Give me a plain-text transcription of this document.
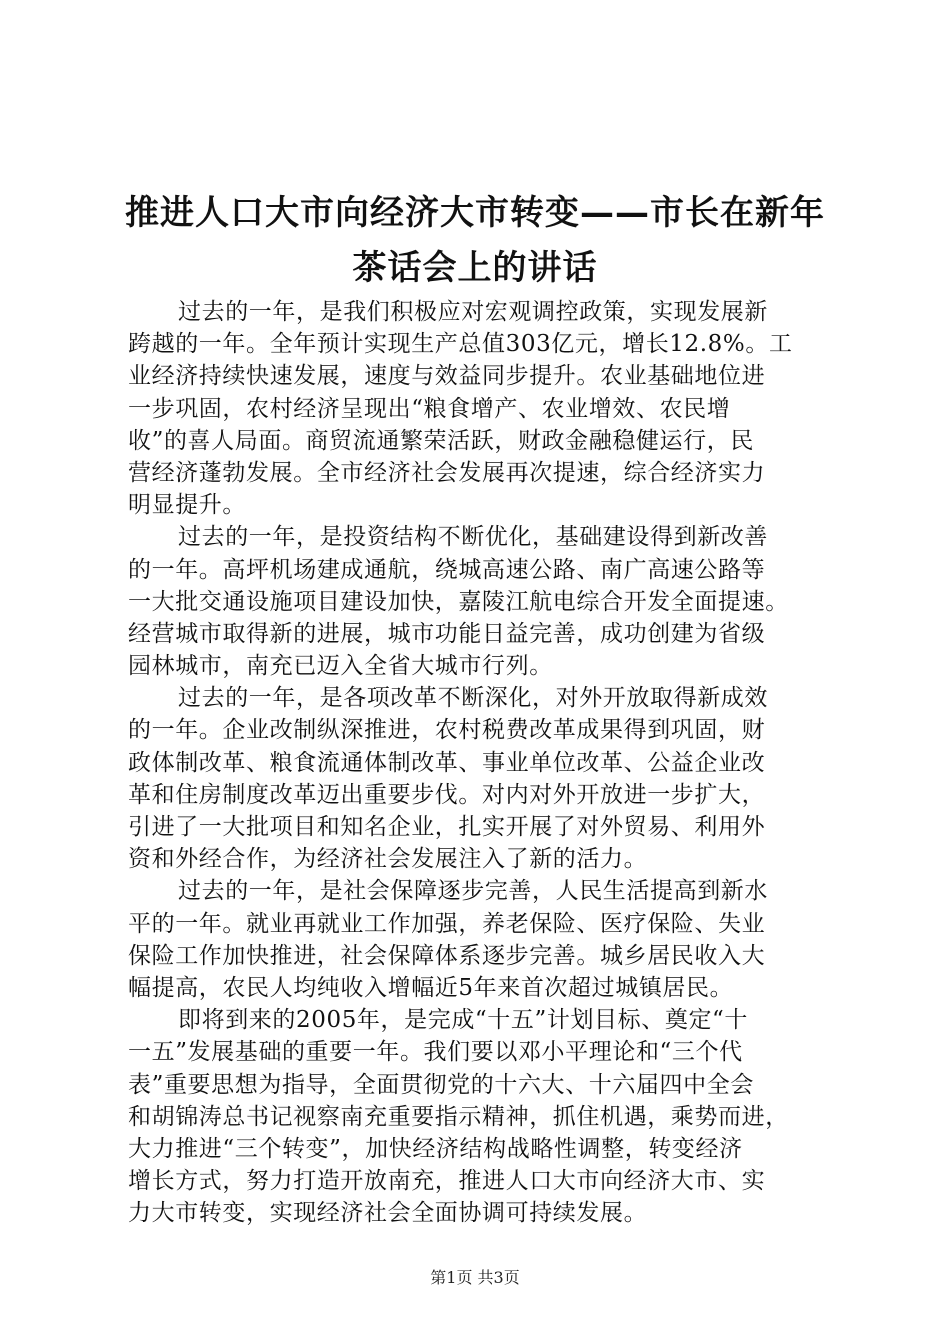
推进人口大市向经济大市转变——市长在新年
茶话会上的讲话

过去的一年，是我们积极应对宏观调控政策，实现发展新
跨越的一年。全年预计实现生产总值303亿元，增长12.8%。工
业经济持续快速发展，速度与效益同步提升。农业基础地位进
一步巩固，农村经济呈现出“粮食增产、农业增效、农民增
收”的喜人局面。商贸流通繁荣活跃，财政金融稳健运行，民
营经济蓬勃发展。全市经济社会发展再次提速，综合经济实力
明显提升。

过去的一年，是投资结构不断优化，基础建设得到新改善
的一年。高坪机场建成通航，绕城高速公路、南广高速公路等
一大批交通设施项目建设加快，嘉陵江航电综合开发全面提速。
经营城市取得新的进展，城市功能日益完善，成功创建为省级
园林城市，南充已迈入全省大城市行列。

过去的一年，是各项改革不断深化，对外开放取得新成效
的一年。企业改制纵深推进，农村税费改革成果得到巩固，财
政体制改革、粮食流通体制改革、事业单位改革、公益企业改
革和住房制度改革迈出重要步伐。对内对外开放进一步扩大，
引进了一大批项目和知名企业，扎实开展了对外贸易、利用外
资和外经合作，为经济社会发展注入了新的活力。

过去的一年，是社会保障逐步完善，人民生活提高到新水
平的一年。就业再就业工作加强，养老保险、医疗保险、失业
保险工作加快推进，社会保障体系逐步完善。城乡居民收入大
幅提高，农民人均纯收入增幅近5年来首次超过城镇居民。

即将到来的2005年，是完成“十五”计划目标、奠定“十
一五”发展基础的重要一年。我们要以邓小平理论和“三个代
表”重要思想为指导，全面贯彻党的十六大、十六届四中全会
和胡锦涛总书记视察南充重要指示精神，抓住机遇，乘势而进，
大力推进“三个转变”，加快经济结构战略性调整，转变经济
增长方式，努力打造开放南充，推进人口大市向经济大市、实
力大市转变，实现经济社会全面协调可持续发展。

第1页 共3页
